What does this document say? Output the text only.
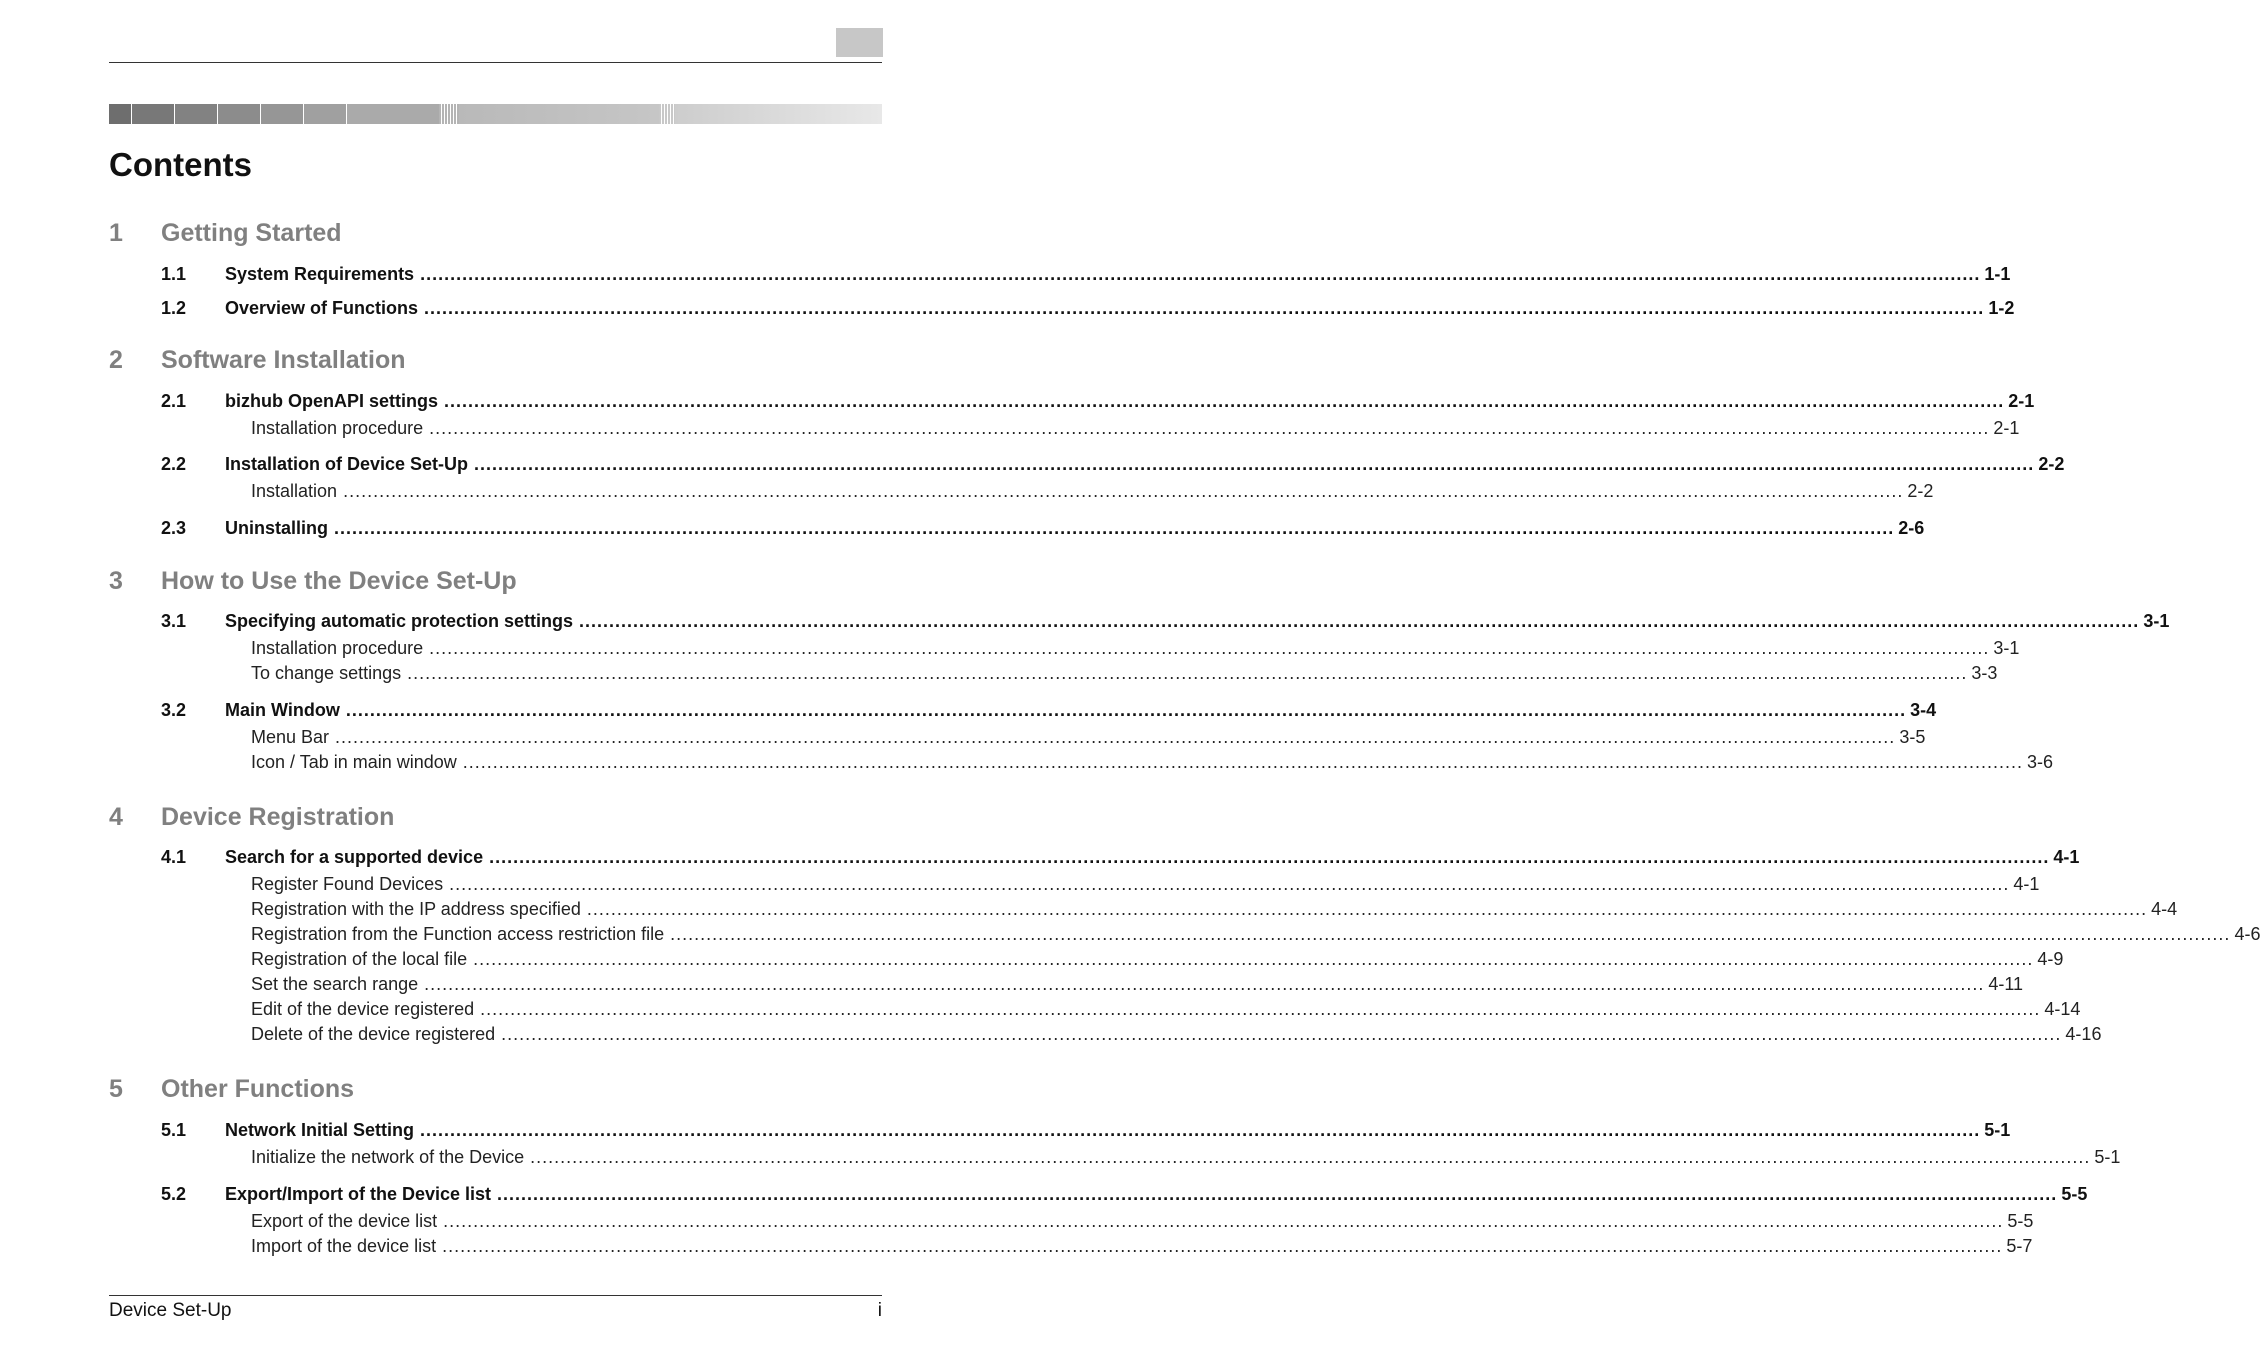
Contents
1 Getting Started
1.1	System Requirements .................................................................................................................................................................................................................................................................... 1-1
1.2	Overview of Functions .................................................................................................................................................................................................................................................................... 1-2
2 Software Installation
2.1	bizhub OpenAPI settings .................................................................................................................................................................................................................................................................... 2-1
Installation procedure .................................................................................................................................................................................................................................................................... 2-1
2.2	Installation of Device Set-Up .................................................................................................................................................................................................................................................................... 2-2
Installation .................................................................................................................................................................................................................................................................... 2-2
2.3	Uninstalling .................................................................................................................................................................................................................................................................... 2-6
3 How to Use the Device Set-Up
3.1	Specifying automatic protection settings .................................................................................................................................................................................................................................................................... 3-1
Installation procedure .................................................................................................................................................................................................................................................................... 3-1
To change settings .................................................................................................................................................................................................................................................................... 3-3
3.2	Main Window .................................................................................................................................................................................................................................................................... 3-4
Menu Bar .................................................................................................................................................................................................................................................................... 3-5
Icon / Tab in main window .................................................................................................................................................................................................................................................................... 3-6
4 Device Registration
4.1	Search for a supported device .................................................................................................................................................................................................................................................................... 4-1
Register Found Devices .................................................................................................................................................................................................................................................................... 4-1
Registration with the IP address specified .................................................................................................................................................................................................................................................................... 4-4
Registration from the Function access restriction file .................................................................................................................................................................................................................................................................... 4-6
Registration of the local file .................................................................................................................................................................................................................................................................... 4-9
Set the search range .................................................................................................................................................................................................................................................................... 4-11
Edit of the device registered .................................................................................................................................................................................................................................................................... 4-14
Delete of the device registered .................................................................................................................................................................................................................................................................... 4-16
5 Other Functions
5.1	Network Initial Setting .................................................................................................................................................................................................................................................................... 5-1
Initialize the network of the Device .................................................................................................................................................................................................................................................................... 5-1
5.2	Export/Import of the Device list .................................................................................................................................................................................................................................................................... 5-5
Export of the device list .................................................................................................................................................................................................................................................................... 5-5
Import of the device list .................................................................................................................................................................................................................................................................... 5-7
Device Set-Up	i
